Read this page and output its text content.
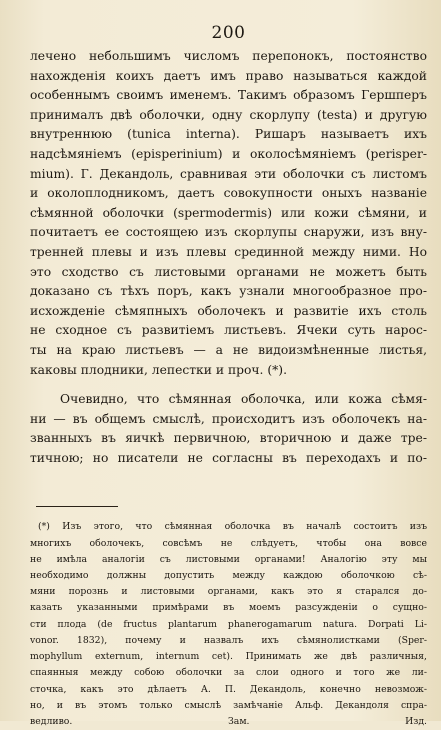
200
лечено небольшимъ числомъ перепонокъ, постоянство
нахожденія коихъ даетъ имъ право называться каждой
особеннымъ своимъ именемъ. Такимъ образомъ Гершперъ
принималъ двѣ оболочки, одну скорлупу (testa) и другую
внутреннюю (tunica interna). Ришаръ называетъ ихъ
надсѣмяніемъ (episperinium) и околосѣмяніемъ (perisper-
mium). Г. Декандоль, сравнивая эти оболочки съ листомъ
и околоплодникомъ, даетъ совокупности оныхъ названіе
сѣмянной оболочки (spermodermis) или кожи сѣмяни, и
почитаетъ ее состоящею изъ скорлупы снаружи, изъ вну-
тренней плевы и изъ плевы срединной между ними. Но
это сходство съ листовыми органами не можетъ быть
доказано съ тѣхъ поръ, какъ узнали многообразное про-
исхожденіе сѣмяпныхъ оболочекъ и развитіе ихъ столь
не сходное съ развитіемъ листьевъ. Ячеки суть нарос-
ты на краю листьевъ — а не видоизмѣненные листья,
каковы плодники, лепестки и проч. (*).
Очевидно, что сѣмянная оболочка, или кожа сѣмя-
ни — въ общемъ смыслѣ, происходитъ изъ оболочекъ на-
званныхъ въ яичкѣ первичною, вторичною и даже тре-
тичною; но писатели не согласны въ переходахъ и по-
(*) Изъ этого, что сѣмянная оболочка въ началѣ состоитъ изъ
многихъ оболочекъ, совсѣмъ не слѣдуетъ, чтобы она вовсе
не имѣла аналогіи съ листовыми органами! Аналогію эту мы
необходимо должны допустить между каждою оболочкою сѣ-
мяни порознь и листовыми органами, какъ это я старался до-
казать указанными примѣрами въ моемъ разсужденіи о сущно-
сти плода (de fructus plantarum phanerogamarum natura. Dorpati Li-
vonor. 1832), почему и назвалъ ихъ сѣмянолистками (Sper-
mophyllum externum, internum cet). Принимать же двѣ различныя,
спаянныя между собою оболочки за слои одного и того же ли-
сточка, какъ это дѣлаетъ А. П. Декандоль, конечно невозмож-
но, и въ этомъ только смыслѣ замѣчаніе Альф. Декандоля спра-
ведливо. Зам. Изд.
